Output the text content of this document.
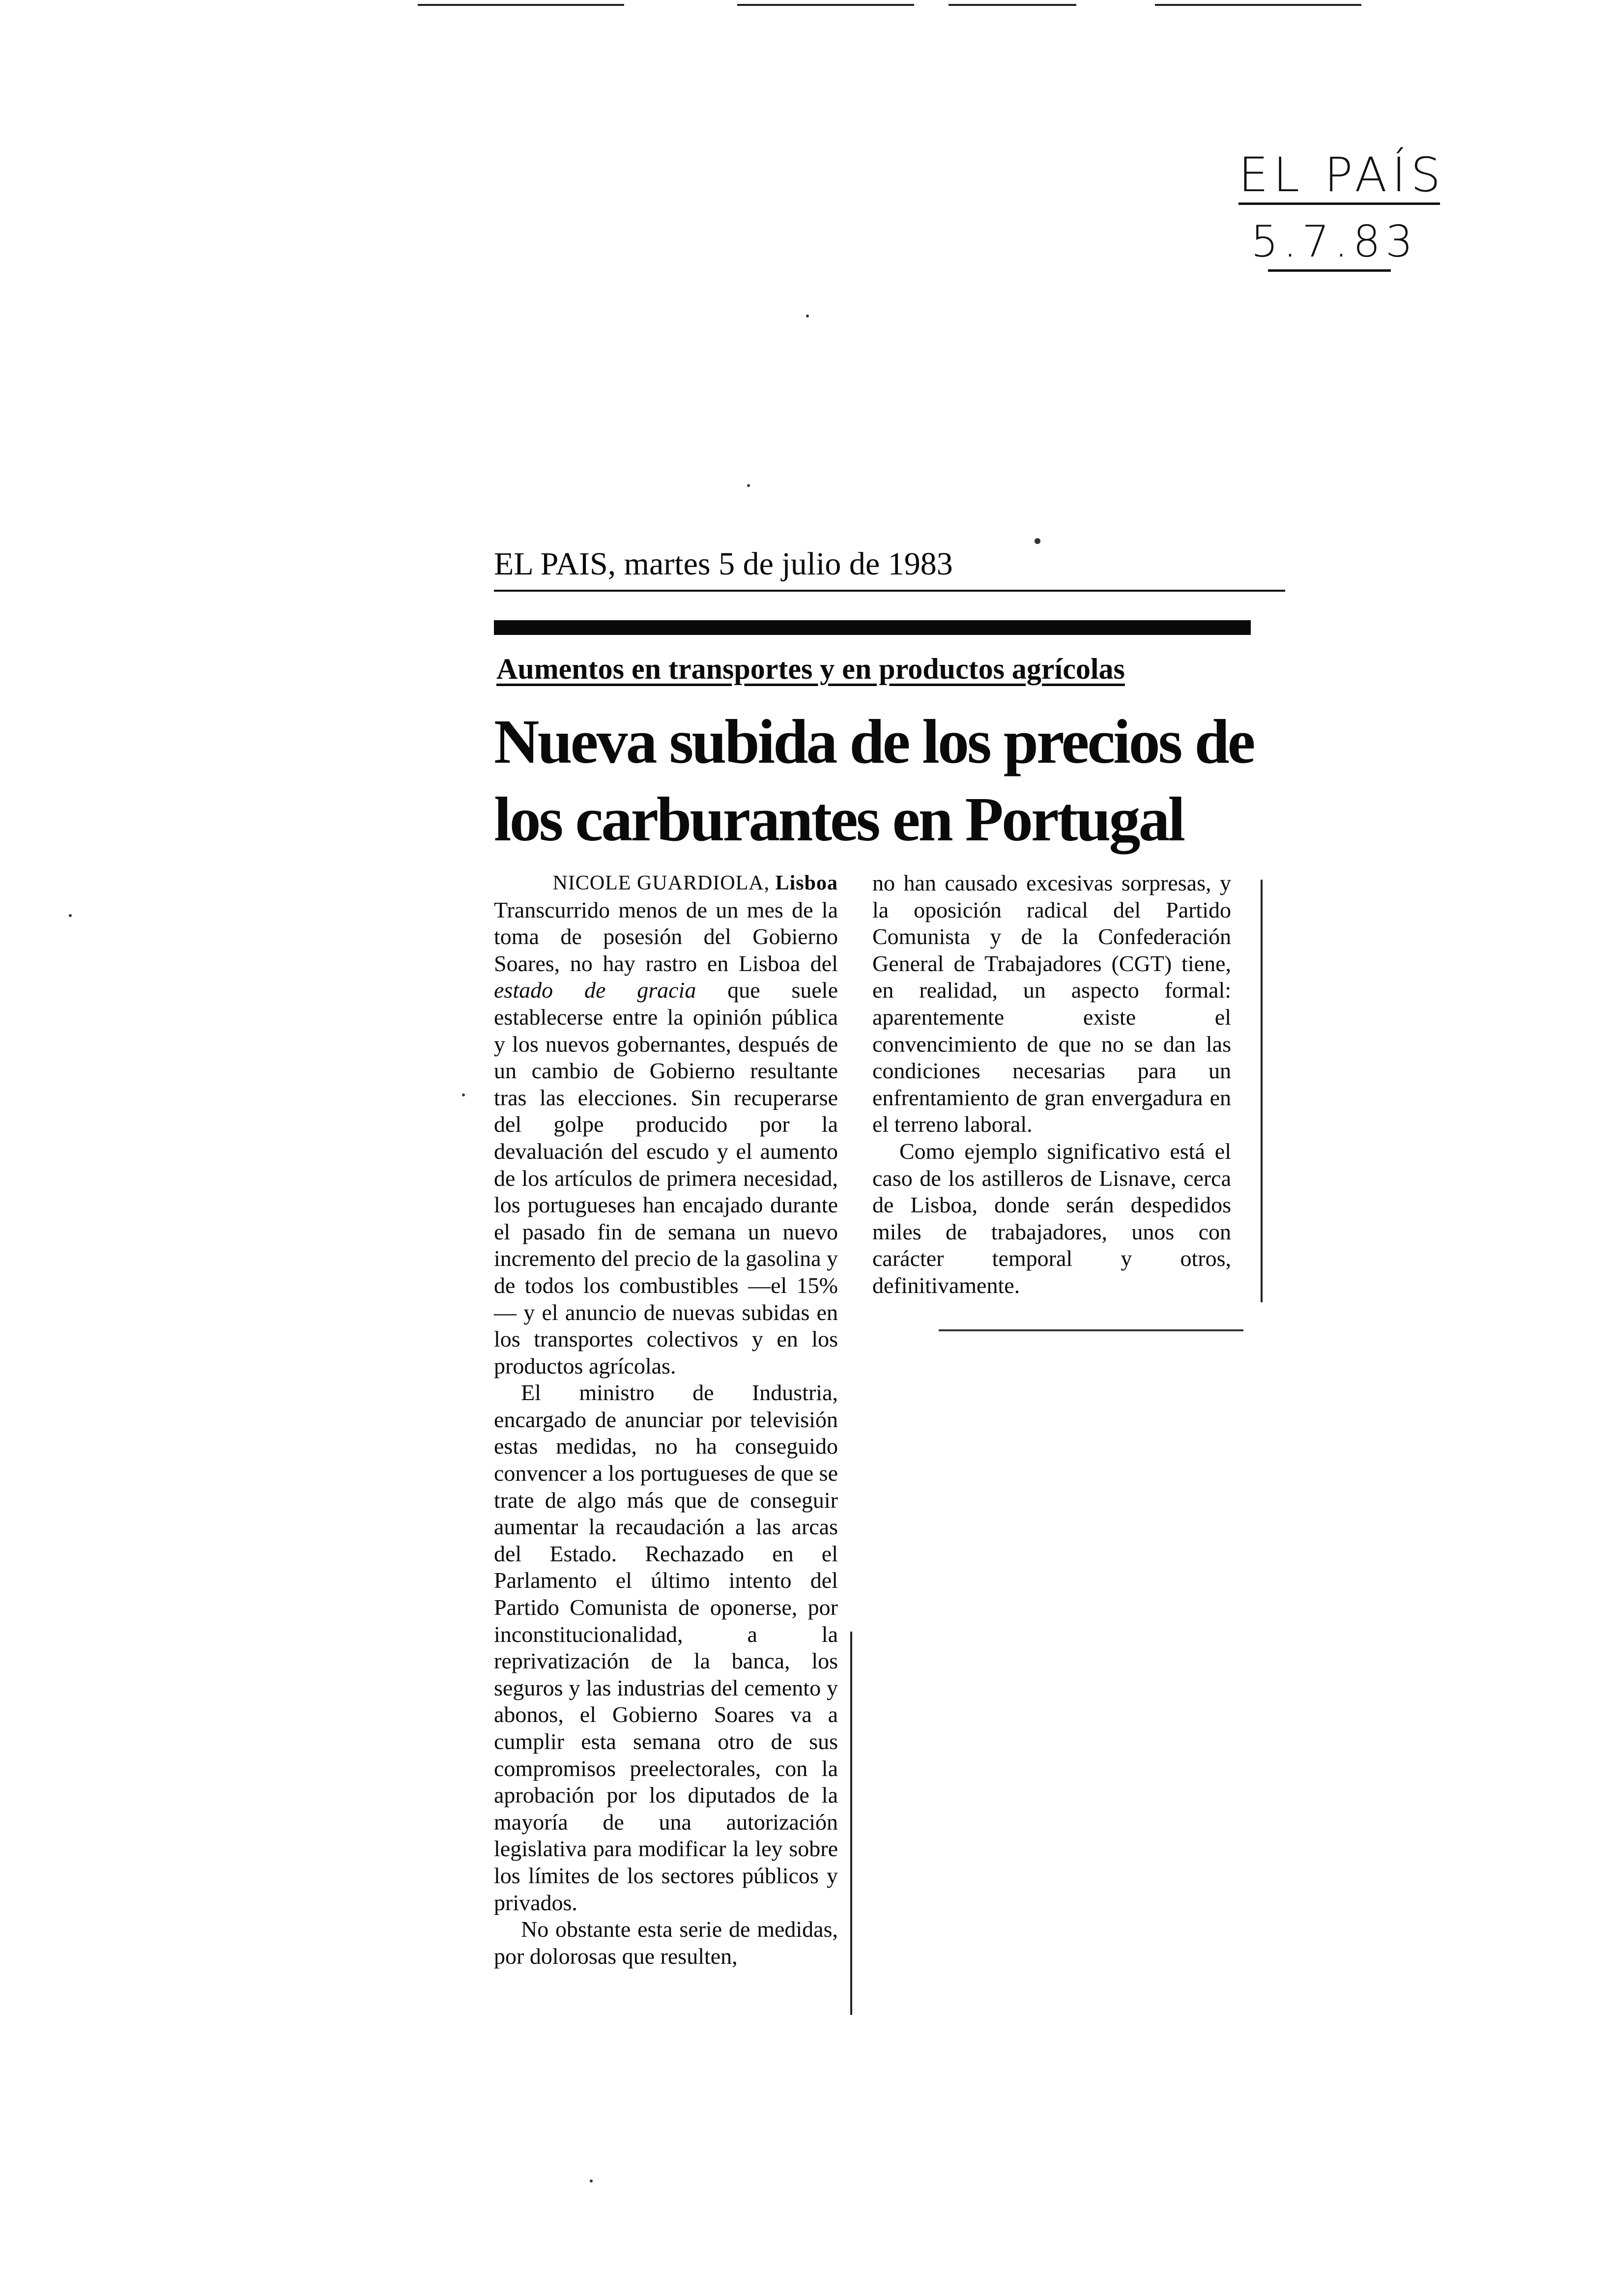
EL PAÍS
5.7.83
EL PAIS, martes 5 de julio de 1983
Aumentos en transportes y en productos agrícolas
Nueva subida de los precios de los carburantes en Portugal
NICOLE GUARDIOLA, Lisboa

Transcurrido menos de un mes de la toma de posesión del Gobierno Soares, no hay rastro en Lisboa del estado de gracia que suele establecerse entre la opinión pública y los nuevos gobernantes, después de un cambio de Gobierno resultante tras las elecciones. Sin recuperarse del golpe producido por la devaluación del escudo y el aumento de los artículos de primera necesidad, los portugueses han encajado durante el pasado fin de semana un nuevo incremento del precio de la gasolina y de todos los combustibles —el 15%— y el anuncio de nuevas subidas en los transportes colectivos y en los productos agrícolas.

El ministro de Industria, encargado de anunciar por televisión estas medidas, no ha conseguido convencer a los portugueses de que se trate de algo más que de conseguir aumentar la recaudación a las arcas del Estado. Rechazado en el Parlamento el último intento del Partido Comunista de oponerse, por inconstitucionalidad, a la reprivatización de la banca, los seguros y las industrias del cemento y abonos, el Gobierno Soares va a cumplir esta semana otro de sus compromisos preelectorales, con la aprobación por los diputados de la mayoría de una autorización legislativa para modificar la ley sobre los límites de los sectores públicos y privados.

No obstante esta serie de medidas, por dolorosas que resulten,

no han causado excesivas sorpresas, y la oposición radical del Partido Comunista y de la Confederación General de Trabajadores (CGT) tiene, en realidad, un aspecto formal: aparentemente existe el convencimiento de que no se dan las condiciones necesarias para un enfrentamiento de gran envergadura en el terreno laboral.

Como ejemplo significativo está el caso de los astilleros de Lisnave, cerca de Lisboa, donde serán despedidos miles de trabajadores, unos con carácter temporal y otros, definitivamente.
